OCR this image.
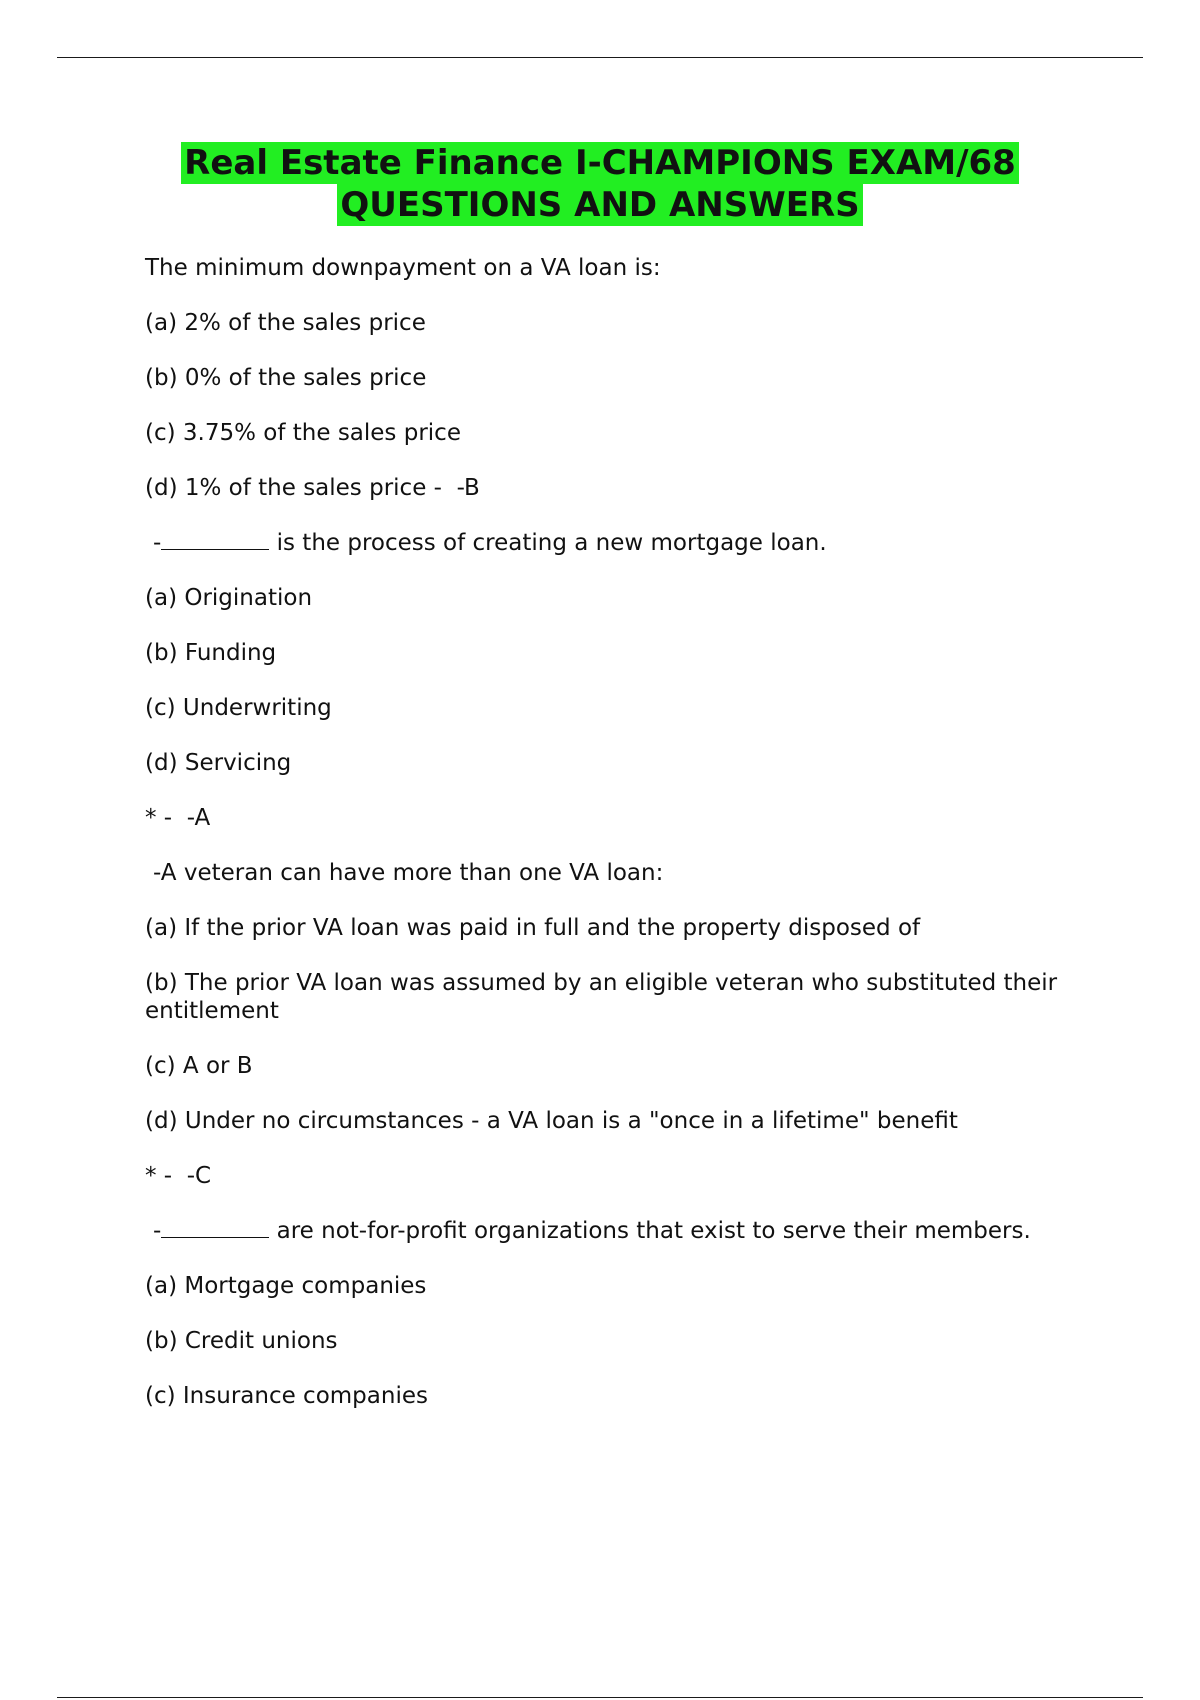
Real Estate Finance I-CHAMPIONS EXAM/68
QUESTIONS AND ANSWERS

The minimum downpayment on a VA loan is:

(a) 2% of the sales price

(b) 0% of the sales price

(c) 3.75% of the sales price

(d) 1% of the sales price -  -B

-	is the process of creating a new mortgage loan.

(a) Origination

(b) Funding

(c) Underwriting

(d) Servicing

* -  -A

-A veteran can have more than one VA loan:

(a) If the prior VA loan was paid in full and the property disposed of

(b) The prior VA loan was assumed by an eligible veteran who substituted their entitlement

(c) A or B

(d) Under no circumstances - a VA loan is a "once in a lifetime" benefit

* -  -C

-	are not-for-profit organizations that exist to serve their members.

(a) Mortgage companies

(b) Credit unions

(c) Insurance companies
